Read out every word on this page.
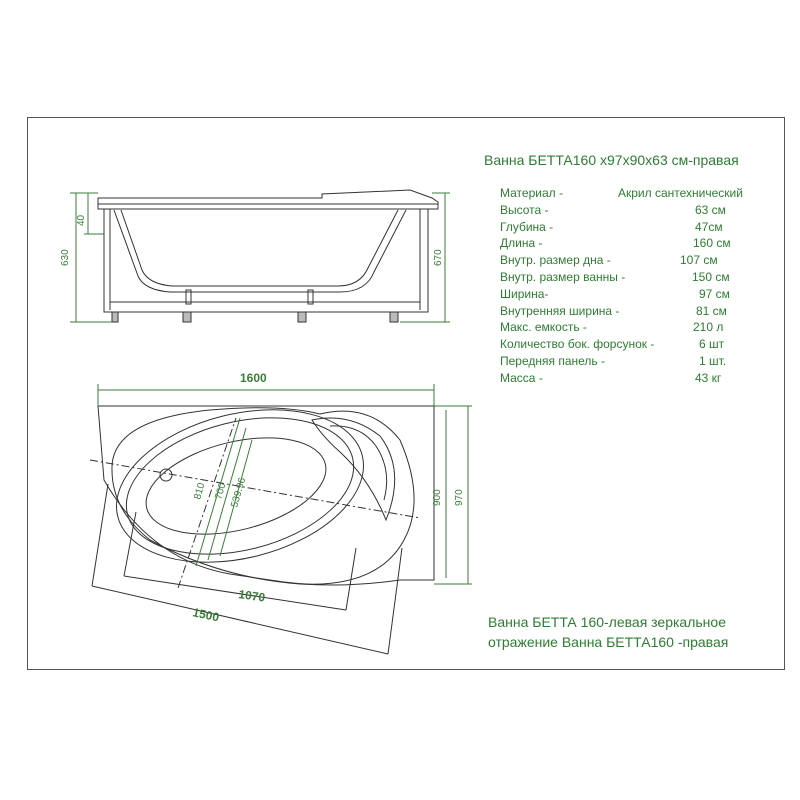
Ванна БЕТТА160 х97х90х63 см-правая
Материал -	Акрил сантехнический
Высота -	63 см
Глубина -	47см
Длина -	160 см
Внутр. размер дна -	107 см
Внутр. размер ванны -	150 см
Ширина-	97 см
Внутренняя ширина -	81 см
Макс. емкость -	210 л
Количество бок. форсунок -	6 шт
Передняя панель -	1 шт.
Масса -	43 кг
Ванна БЕТТА 160-левая зеркальное
отражение Ванна БЕТТА160 -правая
630
40
670
1600
900 970
810 700 539.96
1070
1500
